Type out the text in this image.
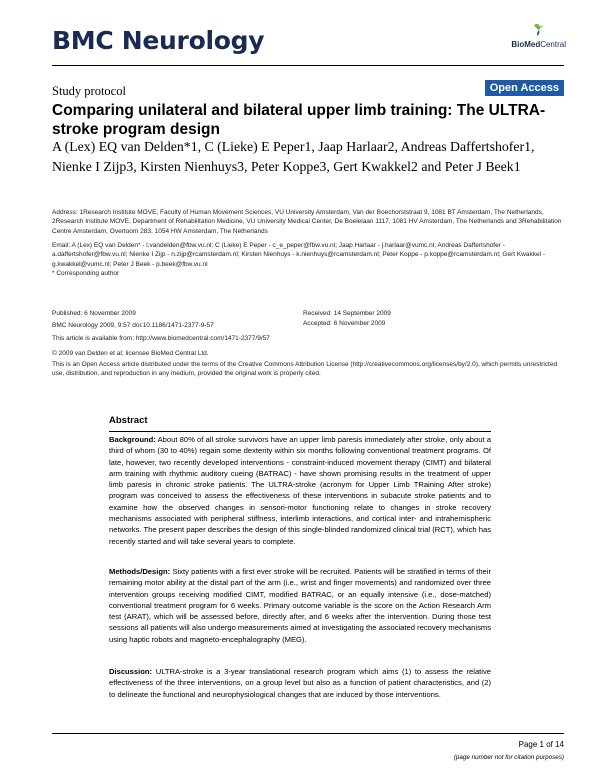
BMC Neurology	BioMedCentral
Study protocol	Open Access
Comparing unilateral and bilateral upper limb training: The ULTRA-stroke program design
A (Lex) EQ van Delden*1, C (Lieke) E Peper1, Jaap Harlaar2, Andreas Daffertshofer1, Nienke I Zijp3, Kirsten Nienhuys3, Peter Koppe3, Gert Kwakkel2 and Peter J Beek1
Address: 1Research Institute MOVE, Faculty of Human Movement Sciences, VU University Amsterdam, Van der Boechorststraat 9, 1081 BT Amsterdam, The Netherlands, 2Research Institute MOVE, Department of Rehabilitation Medicine, VU University Medical Center, De Boelelaan 1117, 1081 HV Amsterdam, The Netherlands and 3Rehabilitation Centre Amsterdam, Overtoom 283, 1054 HW Amsterdam, The Netherlands
Email: A (Lex) EQ van Delden* - l.vandelden@fbw.vu.nl; C (Lieke) E Peper - c_e_peper@fbw.vu.nl; Jaap Harlaar - j.harlaar@vumc.nl; Andreas Daffertshofer - a.daffertshofer@fbw.vu.nl; Nienke I Zijp - n.zijp@rcamsterdam.nl; Kirsten Nienhuys - k.nienhuys@rcamsterdam.nl; Peter Koppe - p.koppe@rcamsterdam.nl; Gert Kwakkel - g.kwakkel@vumc.nl; Peter J Beek - p.beek@fbw.vu.nl
* Corresponding author
Published: 6 November 2009
BMC Neurology 2009, 9:57 doi:10.1186/1471-2377-9-57
Received: 14 September 2009
Accepted: 6 November 2009
This article is available from: http://www.biomedcentral.com/1471-2377/9/57
© 2009 van Delden et al; licensee BioMed Central Ltd.
This is an Open Access article distributed under the terms of the Creative Commons Attribution License (http://creativecommons.org/licenses/by/2.0), which permits unrestricted use, distribution, and reproduction in any medium, provided the original work is properly cited.
Abstract

Background: About 80% of all stroke survivors have an upper limb paresis immediately after stroke, only about a third of whom (30 to 40%) regain some dexterity within six months following conventional treatment programs. Of late, however, two recently developed interventions - constraint-induced movement therapy (CIMT) and bilateral arm training with rhythmic auditory cueing (BATRAC) - have shown promising results in the treatment of upper limb paresis in chronic stroke patients. The ULTRA-stroke (acronym for Upper Limb TRaining After stroke) program was conceived to assess the effectiveness of these interventions in subacute stroke patients and to examine how the observed changes in sensori-motor functioning relate to changes in stroke recovery mechanisms associated with peripheral stiffness, interlimb interactions, and cortical inter- and intrahemispheric networks. The present paper describes the design of this single-blinded randomized clinical trial (RCT), which has recently started and will take several years to complete.

Methods/Design: Sixty patients with a first ever stroke will be recruited. Patients will be stratified in terms of their remaining motor ability at the distal part of the arm (i.e., wrist and finger movements) and randomized over three intervention groups receiving modified CIMT, modified BATRAC, or an equally intensive (i.e., dose-matched) conventional treatment program for 6 weeks. Primary outcome variable is the score on the Action Research Arm test (ARAT), which will be assessed before, directly after, and 6 weeks after the intervention. During those test sessions all patients will also undergo measurements aimed at investigating the associated recovery mechanisms using haptic robots and magneto-encephalography (MEG).

Discussion: ULTRA-stroke is a 3-year translational research program which aims (1) to assess the relative effectiveness of the three interventions, on a group level but also as a function of patient characteristics, and (2) to delineate the functional and neurophysiological changes that are induced by those interventions.

Page 1 of 14
(page number not for citation purposes)
